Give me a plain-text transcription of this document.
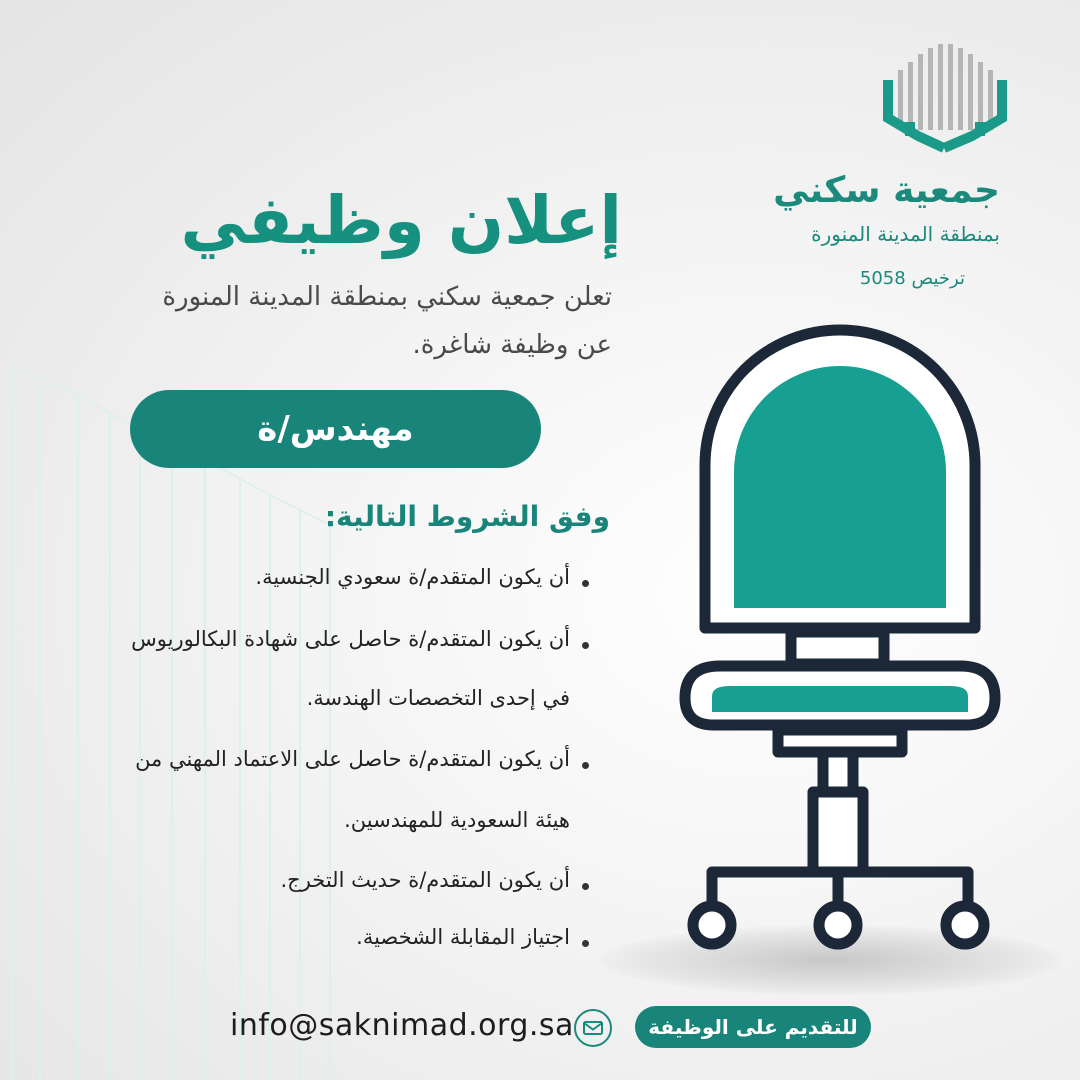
جمعية سكني
بمنطقة المدينة المنورة
ترخيص 5058
إعلان وظيفي
تعلن جمعية سكني بمنطقة المدينة المنورة
عن وظيفة شاغرة.
مهندس/ة
وفق الشروط التالية:
أن يكون المتقدم/ة سعودي الجنسية.
أن يكون المتقدم/ة حاصل على شهادة البكالوريوس
في إحدى التخصصات الهندسة.
أن يكون المتقدم/ة حاصل على الاعتماد المهني من
هيئة السعودية للمهندسين.
أن يكون المتقدم/ة حديث التخرج.
اجتياز المقابلة الشخصية.
info@saknimad.org.sa	للتقديم على الوظيفة
